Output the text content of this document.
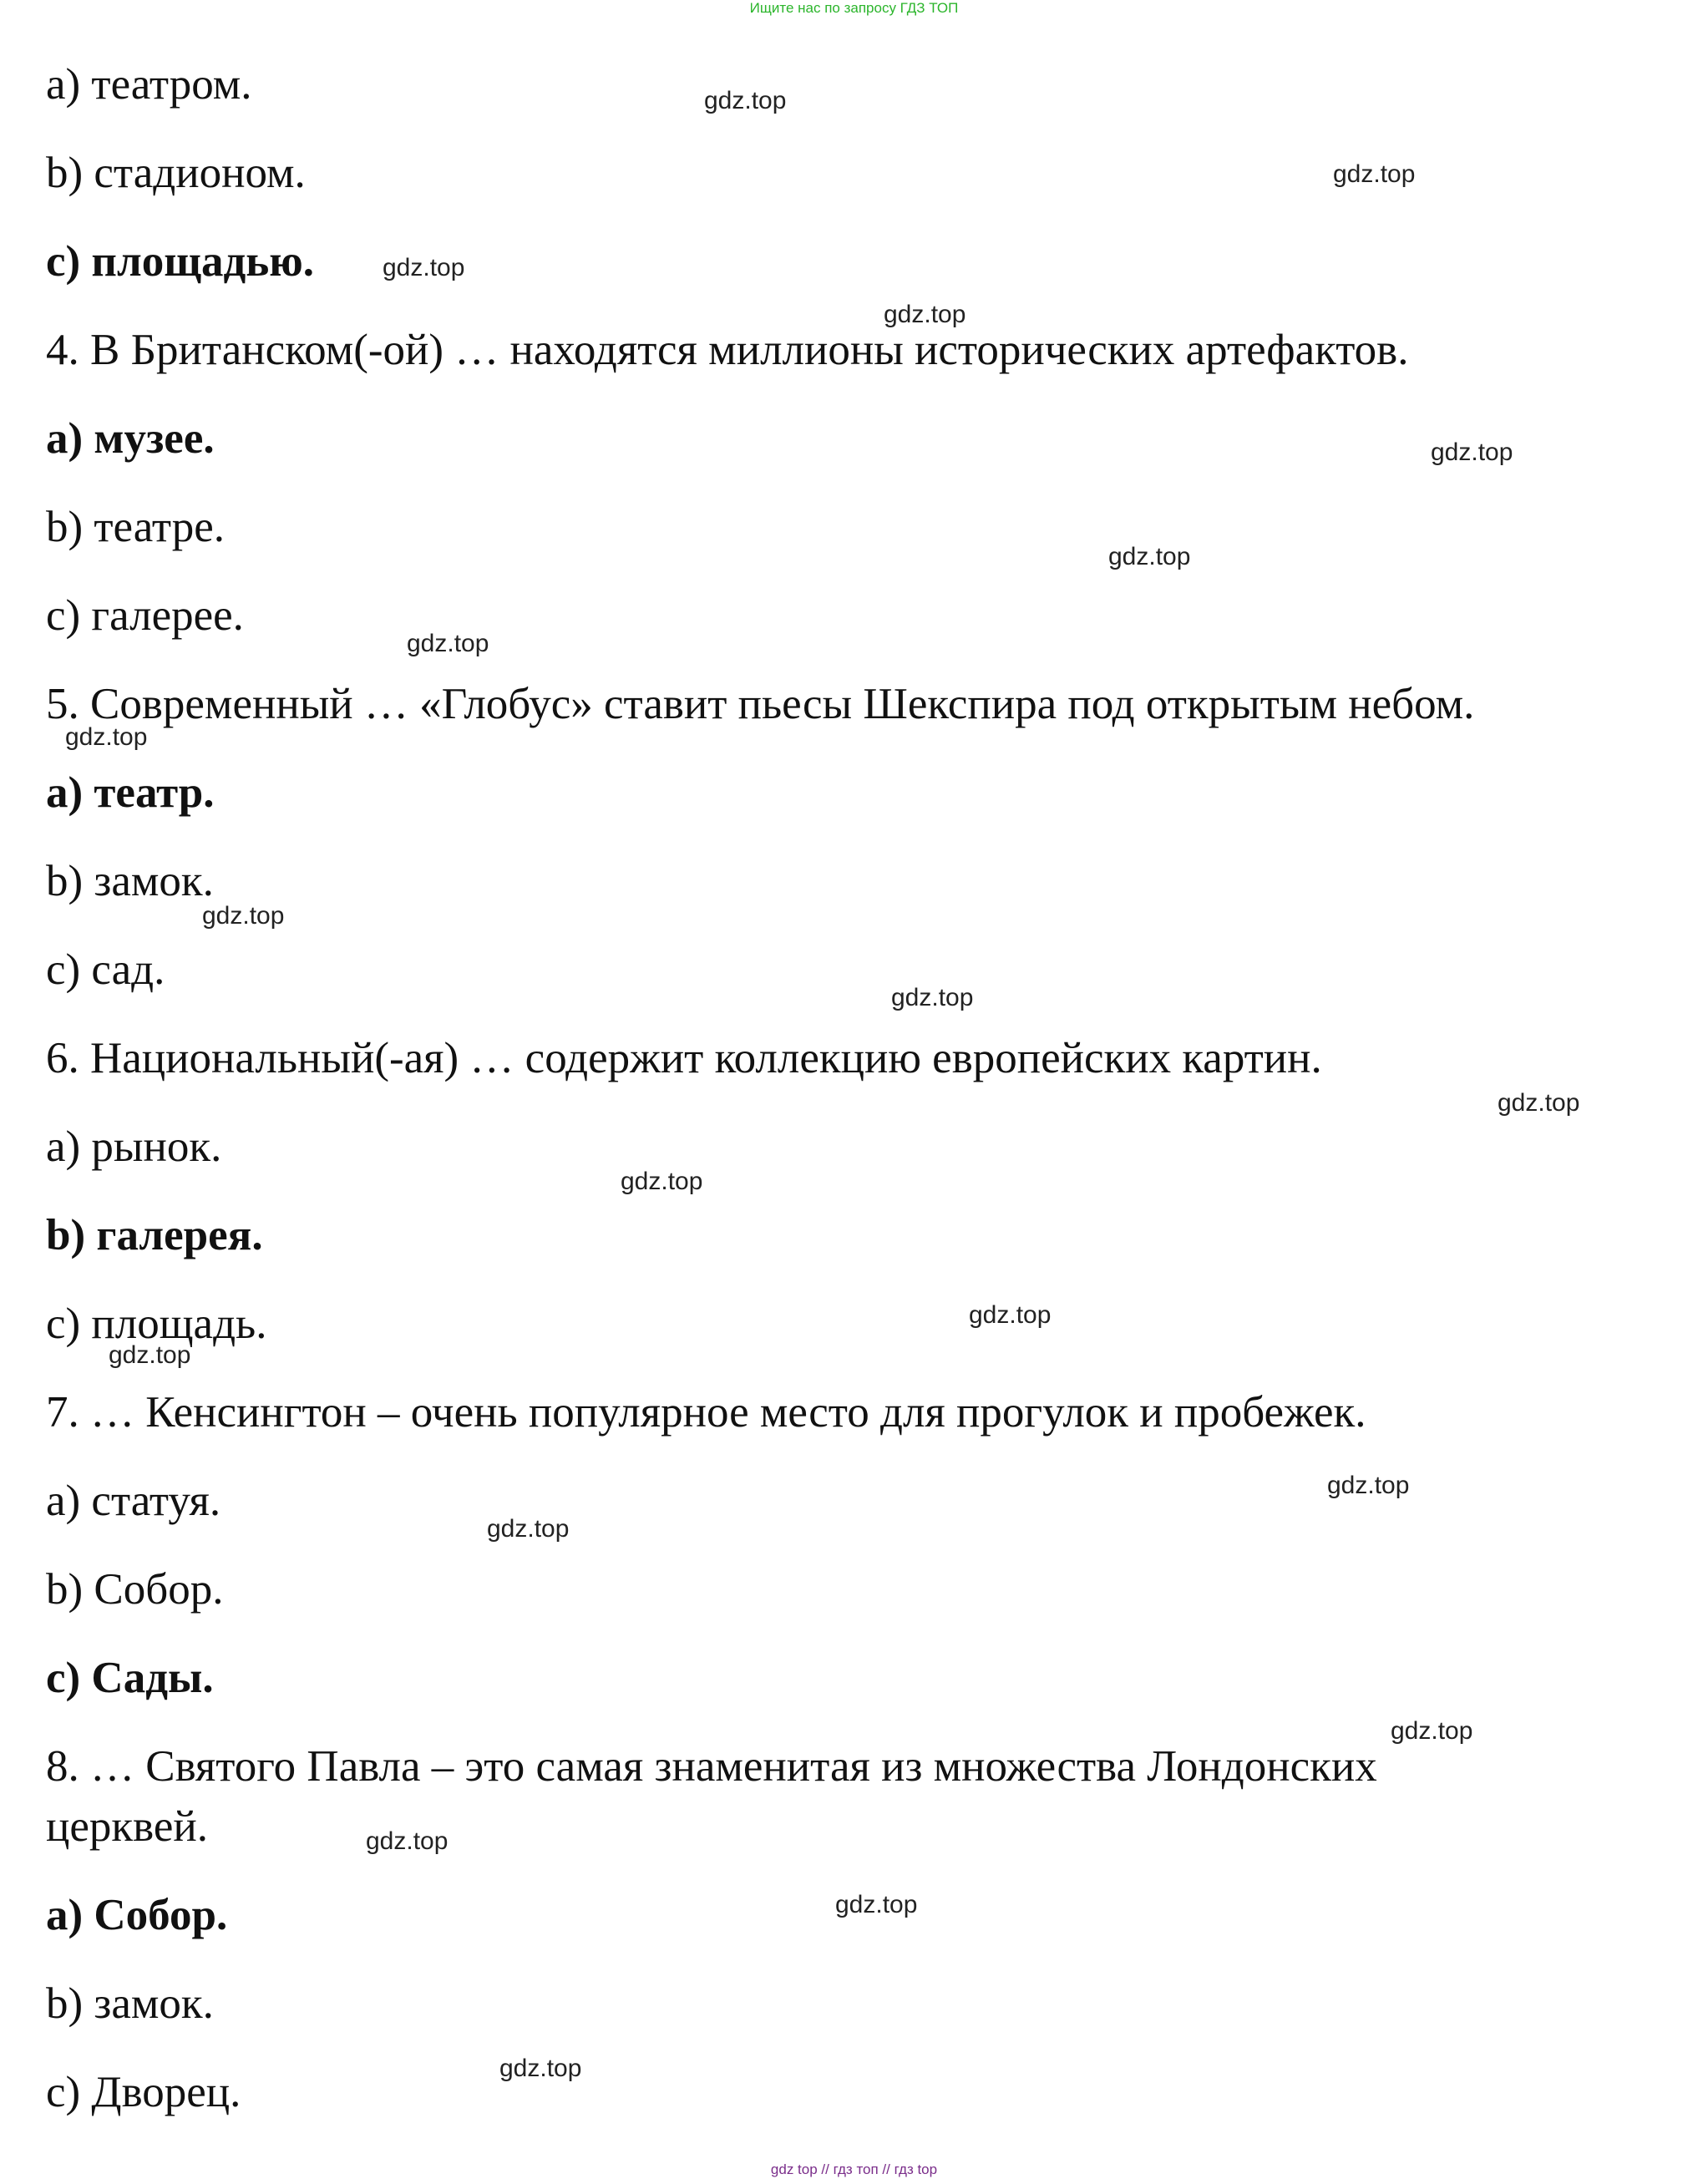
Ищите нас по запросу ГДЗ ТОП
a) театром.
b) стадионом.
c) площадью.
4. В Британском(-ой) … находятся миллионы исторических артефактов.
a) музее.
b) театре.
c) галерее.
5. Современный … «Глобус» ставит пьесы Шекспира под открытым небом.
a) театр.
b) замок.
c) сад.
6. Национальный(-ая) … содержит коллекцию европейских картин.
a) рынок.
b) галерея.
c) площадь.
7. … Кенсингтон – очень популярное место для прогулок и пробежек.
a) статуя.
b) Собор.
c) Сады.
8. … Святого Павла – это самая знаменитая из множества Лондонских
церквей.
a) Собор.
b) замок.
c) Дворец.
gdz.top
gdz.top
gdz.top
gdz.top
gdz.top
gdz.top
gdz.top
gdz.top
gdz.top
gdz.top
gdz.top
gdz.top
gdz.top
gdz.top
gdz.top
gdz.top
gdz.top
gdz.top
gdz.top
gdz.top
gdz top // гдз топ // гдз top
